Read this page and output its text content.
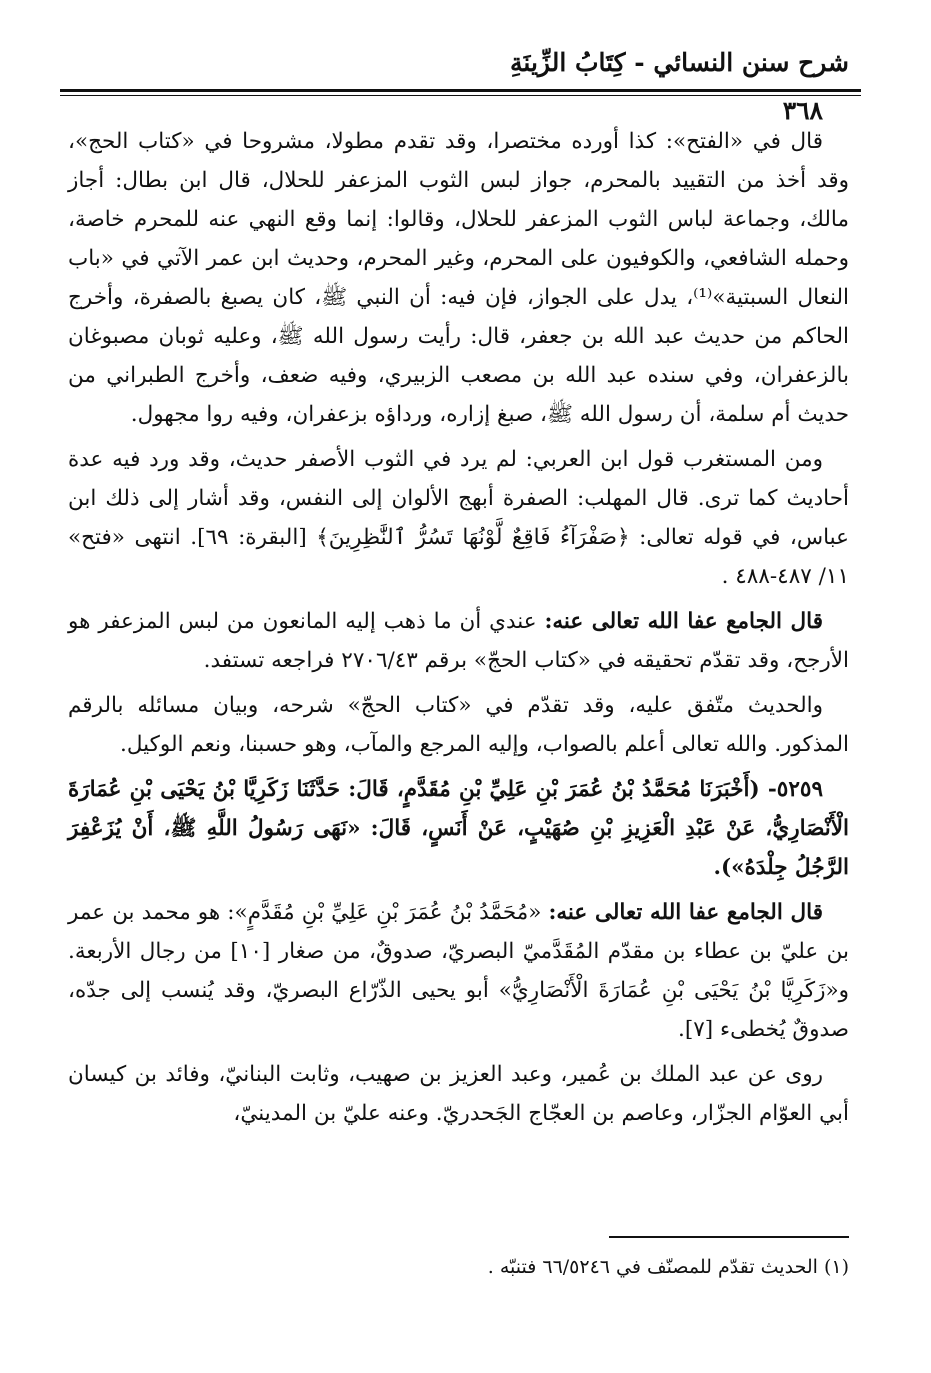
شرح سنن النسائي - كِتَابُ الزِّينَةِ
٣٦٨

قال في «الفتح»: كذا أورده مختصرا، وقد تقدم مطولا، مشروحا في «كتاب الحج»، وقد أخذ من التقييد بالمحرم، جواز لبس الثوب المزعفر للحلال، قال ابن بطال: أجاز مالك، وجماعة لباس الثوب المزعفر للحلال، وقالوا: إنما وقع النهي عنه للمحرم خاصة، وحمله الشافعي، والكوفيون على المحرم، وغير المحرم، وحديث ابن عمر الآتي في «باب النعال السبتية»⁽¹⁾، يدل على الجواز، فإن فيه: أن النبي ﷺ، كان يصبغ بالصفرة، وأخرج الحاكم من حديث عبد الله بن جعفر، قال: رأيت رسول الله ﷺ، وعليه ثوبان مصبوغان بالزعفران، وفي سنده عبد الله بن مصعب الزبيري، وفيه ضعف، وأخرج الطبراني من حديث أم سلمة، أن رسول الله ﷺ، صبغ إزاره، ورداؤه بزعفران، وفيه روا مجهول.

ومن المستغرب قول ابن العربي: لم يرد في الثوب الأصفر حديث، وقد ورد فيه عدة أحاديث كما ترى. قال المهلب: الصفرة أبهج الألوان إلى النفس، وقد أشار إلى ذلك ابن عباس، في قوله تعالى: ﴿صَفْرَآءُ فَاقِعٌ لَّوْنُهَا تَسُرُّ ٱلنَّٰظِرِينَ﴾ [البقرة: ٦٩]. انتهى «فتح» ١١/ ٤٨٧-٤٨٨ .

قال الجامع عفا الله تعالى عنه: عندي أن ما ذهب إليه المانعون من لبس المزعفر هو الأرجح، وقد تقدّم تحقيقه في «كتاب الحجّ» برقم ٢٧٠٦/٤٣ فراجعه تستفد.

والحديث متّفق عليه، وقد تقدّم في «كتاب الحجّ» شرحه، وبيان مسائله بالرقم المذكور. والله تعالى أعلم بالصواب، وإليه المرجع والمآب، وهو حسبنا، ونعم الوكيل.

٥٢٥٩- (أَخْبَرَنَا مُحَمَّدُ بْنُ عُمَرَ بْنِ عَلِيِّ بْنِ مُقَدَّمٍ، قَالَ: حَدَّثَنَا زَكَرِيَّا بْنُ يَحْيَى بْنِ عُمَارَةَ الْأَنْصَارِيُّ، عَنْ عَبْدِ الْعَزِيزِ بْنِ صُهَيْبٍ، عَنْ أَنَسٍ، قَالَ: «نَهَى رَسُولُ اللَّهِ ﷺ، أَنْ يُزَعْفِرَ الرَّجُلُ جِلْدَهُ»).

قال الجامع عفا الله تعالى عنه: «مُحَمَّدُ بْنُ عُمَرَ بْنِ عَلِيِّ بْنِ مُقَدَّمٍ»: هو محمد بن عمر بن عليّ بن عطاء بن مقدّم المُقَدَّميّ البصريّ، صدوقٌ، من صغار [١٠] من رجال الأربعة. و«زَكَرِيَّا بْنُ يَحْيَى بْنِ عُمَارَةَ الْأَنْصَارِيُّ» أبو يحيى الذّرّاع البصريّ، وقد يُنسب إلى جدّه، صدوقٌ يُخطىء [٧].

روى عن عبد الملك بن عُمير، وعبد العزيز بن صهيب، وثابت البنانيّ، وفائد بن كيسان أبي العوّام الجزّار، وعاصم بن العجّاج الجَحدريّ. وعنه عليّ بن المدينيّ،

(١) الحديث تقدّم للمصنّف في ٦٦/٥٢٤٦ فتنبّه .
